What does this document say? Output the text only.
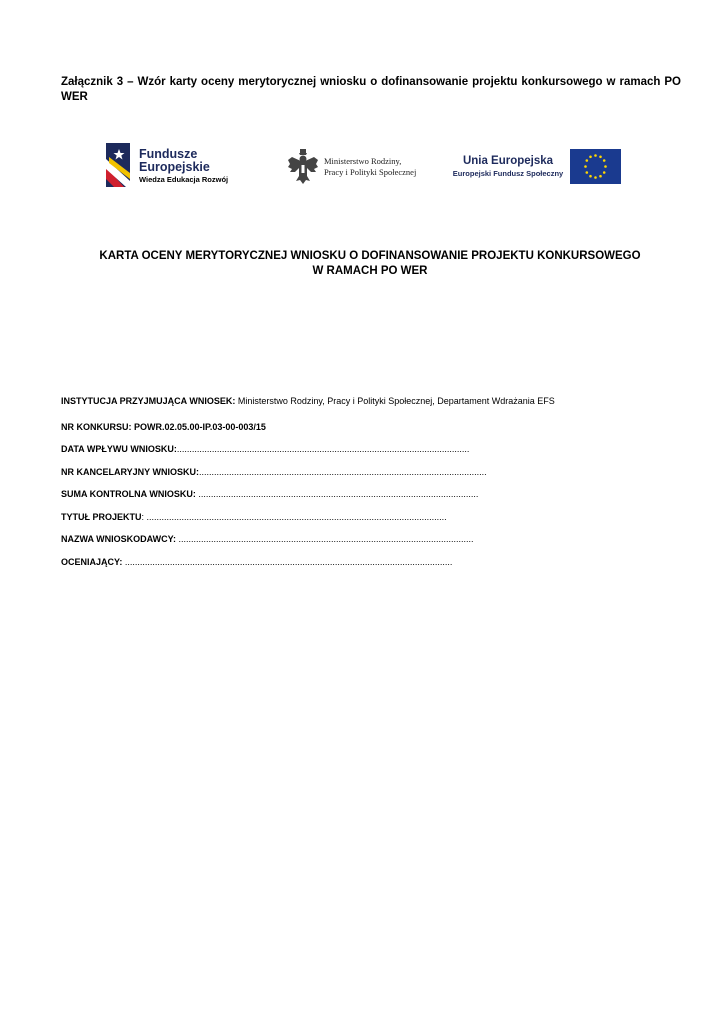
Załącznik 3 – Wzór karty oceny merytorycznej wniosku o dofinansowanie projektu konkursowego w ramach PO WER
Fundusze
Europejskie
Wiedza Edukacja Rozwój
Ministerstwo Rodziny,
Pracy i Polityki Społecznej
Unia Europejska
Europejski Fundusz Społeczny
KARTA OCENY MERYTORYCZNEJ WNIOSKU O DOFINANSOWANIE PROJEKTU KONKURSOWEGO
W RAMACH PO WER
INSTYTUCJA PRZYJMUJĄCA WNIOSEK: Ministerstwo Rodziny, Pracy i Polityki Społecznej, Departament Wdrażania EFS
NR KONKURSU: POWR.02.05.00-IP.03-00-003/15
DATA WPŁYWU WNIOSKU:.....................................................................................................................
NR KANCELARYJNY WNIOSKU:...................................................................................................................
SUMA KONTROLNA WNIOSKU: ................................................................................................................
TYTUŁ PROJEKTU: ........................................................................................................................
NAZWA WNIOSKODAWCY: ......................................................................................................................
OCENIAJĄCY: ...................................................................................................................................
